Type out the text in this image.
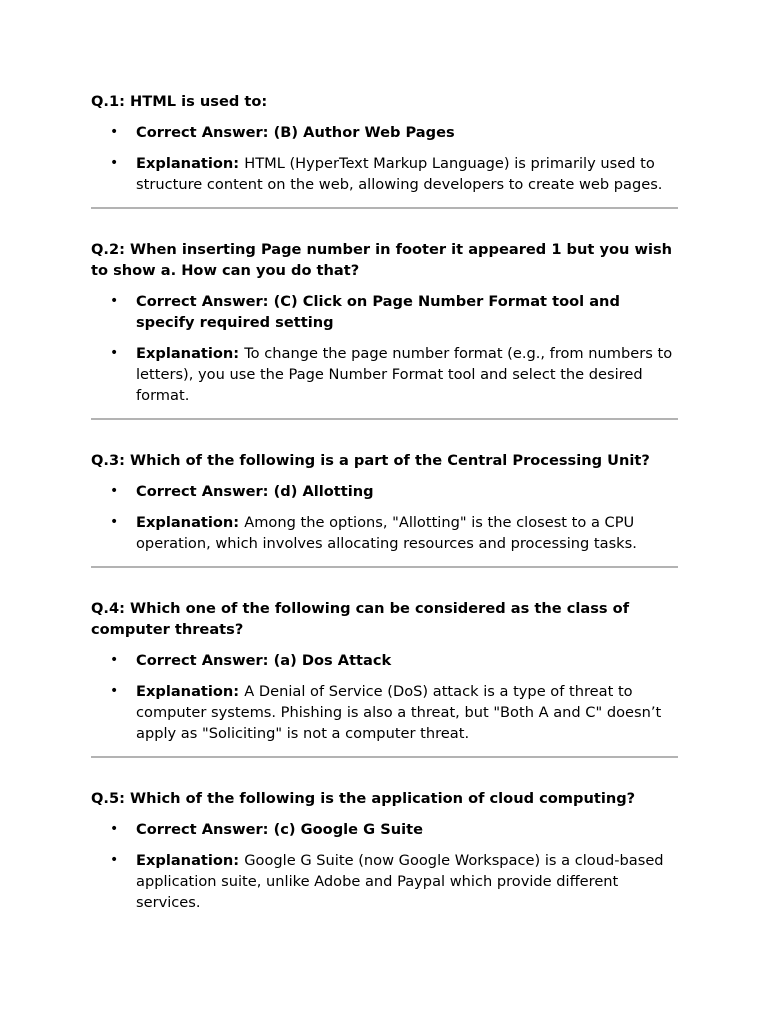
Q.1: HTML is used to:

• Correct Answer: (B) Author Web Pages
• Explanation: HTML (HyperText Markup Language) is primarily used to structure content on the web, allowing developers to create web pages.

Q.2: When inserting Page number in footer it appeared 1 but you wish to show a. How can you do that?

• Correct Answer: (C) Click on Page Number Format tool and specify required setting
• Explanation: To change the page number format (e.g., from numbers to letters), you use the Page Number Format tool and select the desired format.

Q.3: Which of the following is a part of the Central Processing Unit?

• Correct Answer: (d) Allotting
• Explanation: Among the options, "Allotting" is the closest to a CPU operation, which involves allocating resources and processing tasks.

Q.4: Which one of the following can be considered as the class of computer threats?

• Correct Answer: (a) Dos Attack
• Explanation: A Denial of Service (DoS) attack is a type of threat to computer systems. Phishing is also a threat, but "Both A and C" doesn’t apply as "Soliciting" is not a computer threat.

Q.5: Which of the following is the application of cloud computing?

• Correct Answer: (c) Google G Suite
• Explanation: Google G Suite (now Google Workspace) is a cloud-based application suite, unlike Adobe and Paypal which provide different services.
